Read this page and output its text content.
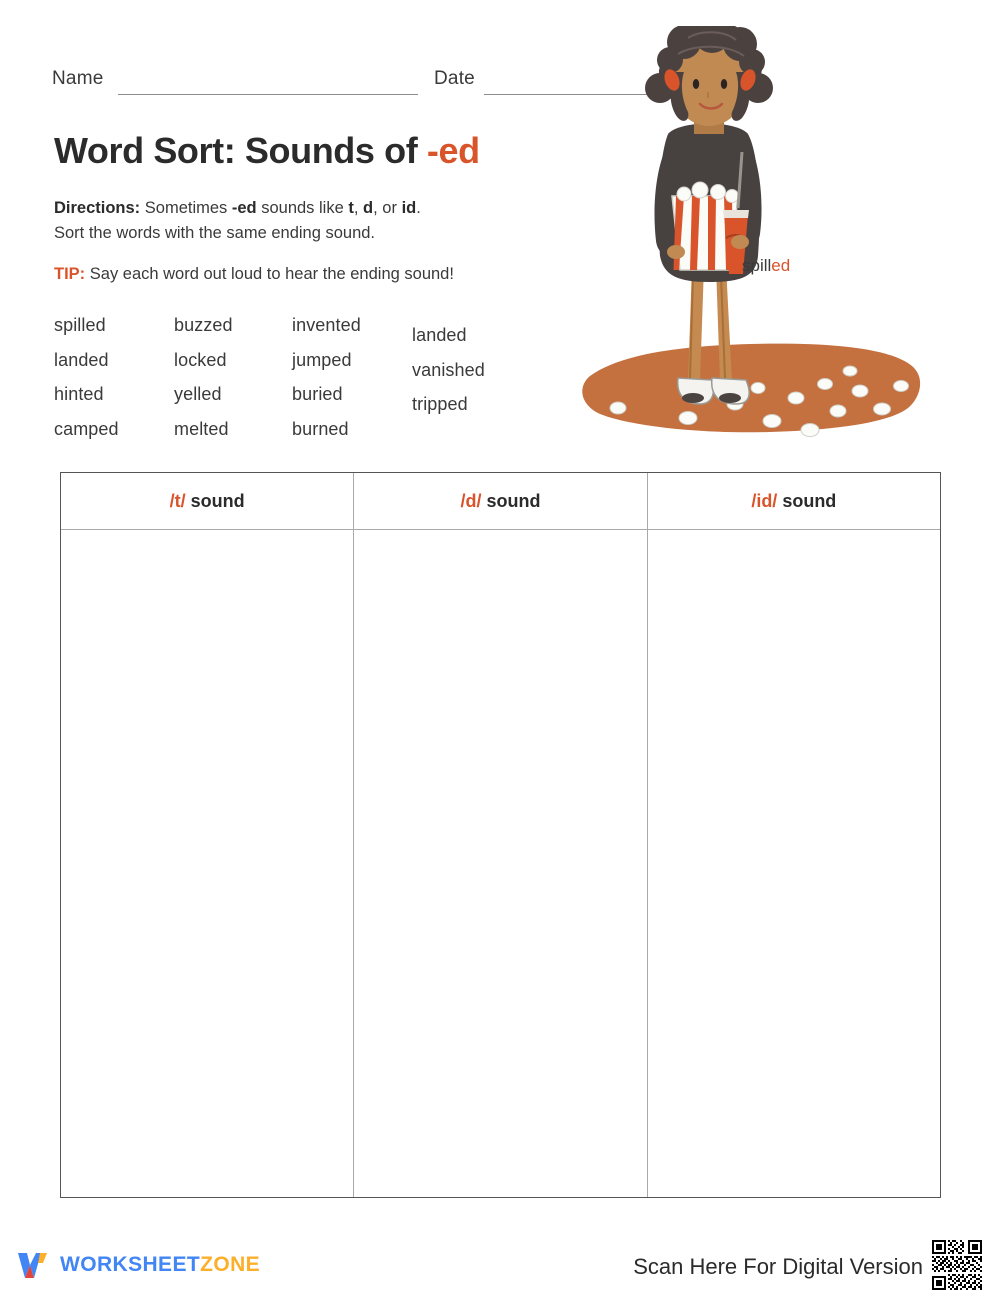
Name	Date
Word Sort: Sounds of -ed
Directions: Sometimes -ed sounds like t, d, or id.
Sort the words with the same ending sound.
TIP: Say each word out loud to hear the ending sound!
spilled
landed
hinted
camped
buzzed
locked
yelled
melted
invented
jumped
buried
burned
landed
vanished
tripped
spilled
/t/ sound	/d/ sound	/id/ sound
WORKSHEETZONE	Scan Here For Digital Version
